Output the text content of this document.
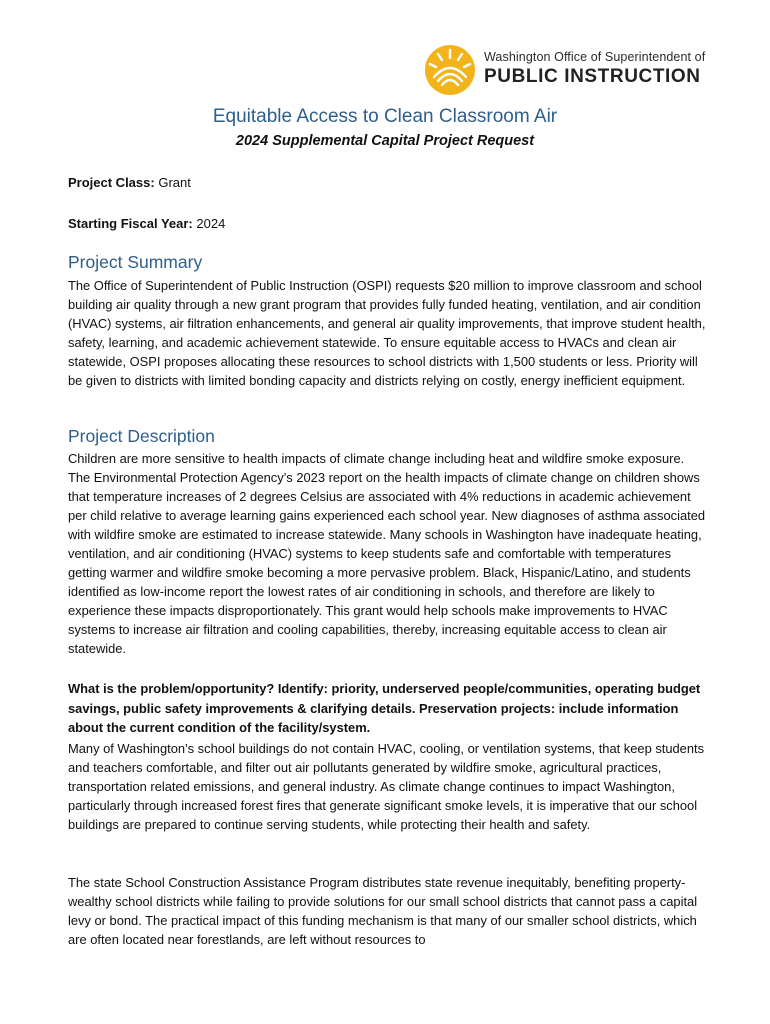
Washington Office of Superintendent of
PUBLIC INSTRUCTION
Equitable Access to Clean Classroom Air

2024 Supplemental Capital Project Request

Project Class: Grant
Starting Fiscal Year: 2024
Project Summary

The Office of Superintendent of Public Instruction (OSPI) requests $20 million to improve classroom and school building air quality through a new grant program that provides fully funded heating, ventilation, and air condition (HVAC) systems, air filtration enhancements, and general air quality improvements, that improve student health, safety, learning, and academic achievement statewide. To ensure equitable access to HVACs and clean air statewide, OSPI proposes allocating these resources to school districts with 1,500 students or less. Priority will be given to districts with limited bonding capacity and districts relying on costly, energy inefficient equipment.

Project Description

Children are more sensitive to health impacts of climate change including heat and wildfire smoke exposure. The Environmental Protection Agency’s 2023 report on the health impacts of climate change on children shows that temperature increases of 2 degrees Celsius are associated with 4% reductions in academic achievement per child relative to average learning gains experienced each school year. New diagnoses of asthma associated with wildfire smoke are estimated to increase statewide. Many schools in Washington have inadequate heating, ventilation, and air conditioning (HVAC) systems to keep students safe and comfortable with temperatures getting warmer and wildfire smoke becoming a more pervasive problem. Black, Hispanic/Latino, and students identified as low-income report the lowest rates of air conditioning in schools, and therefore are likely to experience these impacts disproportionately. This grant would help schools make improvements to HVAC systems to increase air filtration and cooling capabilities, thereby, increasing equitable access to clean air statewide.

What is the problem/opportunity? Identify: priority, underserved people/communities, operating budget savings, public safety improvements & clarifying details. Preservation projects: include information about the current condition of the facility/system.

Many of Washington’s school buildings do not contain HVAC, cooling, or ventilation systems, that keep students and teachers comfortable, and filter out air pollutants generated by wildfire smoke, agricultural practices, transportation related emissions, and general industry. As climate change continues to impact Washington, particularly through increased forest fires that generate significant smoke levels, it is imperative that our school buildings are prepared to continue serving students, while protecting their health and safety.

The state School Construction Assistance Program distributes state revenue inequitably, benefiting property-wealthy school districts while failing to provide solutions for our small school districts that cannot pass a capital levy or bond. The practical impact of this funding mechanism is that many of our smaller school districts, which are often located near forestlands, are left without resources to
